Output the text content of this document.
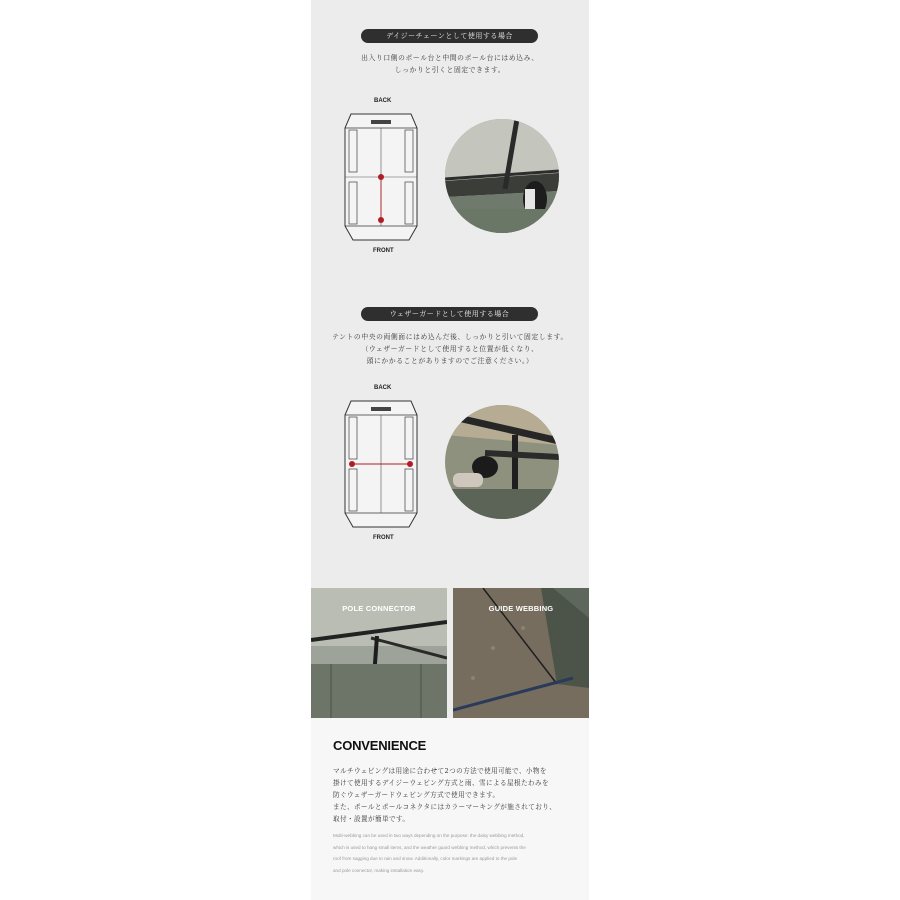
デイジーチェーンとして使用する場合
出入り口側のポール台と中間のポール台にはめ込み、
しっかりと引くと固定できます。
BACK
FRONT
ウェザーガードとして使用する場合
テントの中央の両側面にはめ込んだ後、しっかりと引いて固定します。
（ウェザーガードとして使用すると位置が低くなり、
頭にかかることがありますのでご注意ください。）
BACK
FRONT
POLE CONNECTOR	GUIDE WEBBING
CONVENIENCE
マルチウェビングは用途に合わせて2つの方法で使用可能で、小物を
掛けて使用するデイジーウェビング方式と雨、雪による屋根たわみを
防ぐウェザーガードウェビング方式で使用できます。
また、ポールとポールコネクタにはカラーマーキングが施されており、
取付・設置が簡単です。
Multi-webbing can be used in two ways depending on the purpose: the daisy webbing method,
which is used to hang small items, and the weather guard webbing method, which prevents the
roof from sagging due to rain and snow. Additionally, color markings are applied to the pole
and pole connector, making installation easy.
